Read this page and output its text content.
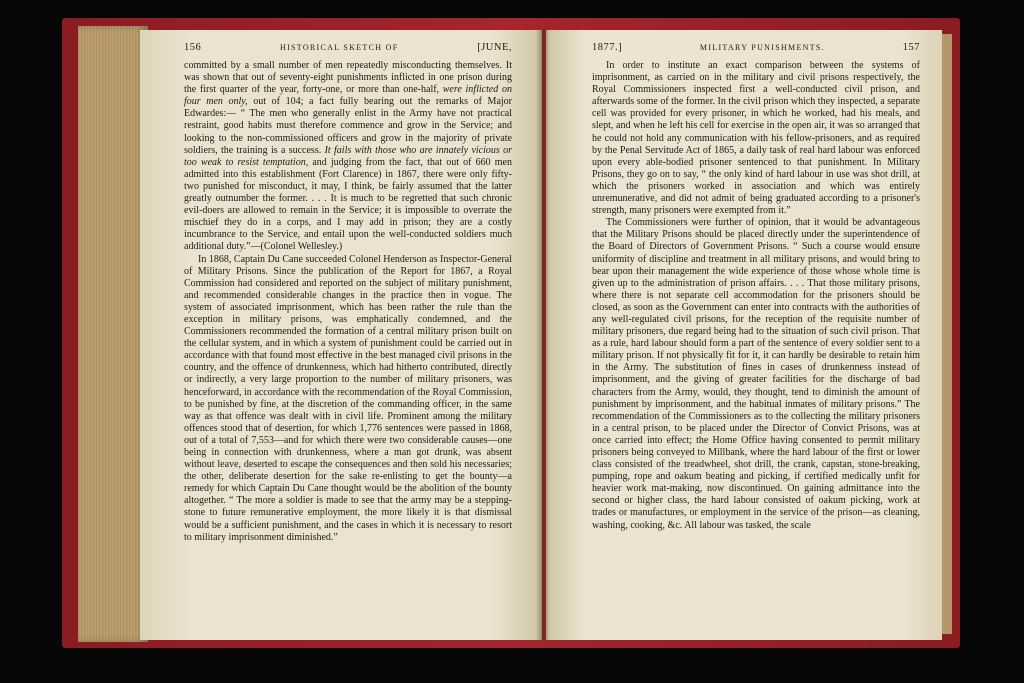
156	HISTORICAL SKETCH OF	[JUNE,

committed by a small number of men repeatedly misconducting themselves. It was shown that out of seventy-eight punishments inflicted in one prison during the first quarter of the year, forty-one, or more than one-half, were inflicted on four men only, out of 104; a fact fully bearing out the remarks of Major Edwardes:— “ The men who generally enlist in the Army have not practical restraint, good habits must therefore commence and grow in the Service; and looking to the non-commissioned officers and grow in the majority of private soldiers, the training is a success. It fails with those who are innately vicious or too weak to resist temptation, and judging from the fact, that out of 660 men admitted into this establishment (Fort Clarence) in 1867, there were only fifty-two punished for misconduct, it may, I think, be fairly assumed that the latter greatly outnumber the former. . . . It is much to be regretted that such chronic evil-doers are allowed to remain in the Service; it is impossible to overrate the mischief they do in a corps, and I may add in prison; they are a costly incumbrance to the Service, and entail upon the well-conducted soldiers much additional duty.”—(Colonel Wellesley.)

In 1868, Captain Du Cane succeeded Colonel Henderson as Inspector-General of Military Prisons. Since the publication of the Report for 1867, a Royal Commission had considered and reported on the subject of military punishment, and recommended considerable changes in the practice then in vogue. The system of associated imprisonment, which has been rather the rule than the exception in military prisons, was emphatically condemned, and the Commissioners recommended the formation of a central military prison built on the cellular system, and in which a system of punishment could be carried out in accordance with that found most effective in the best managed civil prisons in the country, and the offence of drunkenness, which had hitherto contributed, directly or indirectly, a very large proportion to the number of military prisoners, was henceforward, in accordance with the recommendation of the Royal Commission, to be punished by fine, at the discretion of the commanding officer, in the same way as that offence was dealt with in civil life. Prominent among the military offences stood that of desertion, for which 1,776 sentences were passed in 1868, out of a total of 7,553—and for which there were two considerable causes—one being in connection with drunkenness, where a man got drunk, was absent without leave, deserted to escape the consequences and then sold his necessaries; the other, deliberate desertion for the sake re-enlisting to get the bounty—a remedy for which Captain Du Cane thought would be the abolition of the bounty altogether. “ The more a soldier is made to see that the army may be a stepping-stone to future remunerative employment, the more likely it is that dismissal would be a sufficient punishment, and the cases in which it is necessary to resort to military imprisonment diminished.”

1877.]	MILITARY PUNISHMENTS.	157

In order to institute an exact comparison between the systems of imprisonment, as carried on in the military and civil prisons respectively, the Royal Commissioners inspected first a well-conducted civil prison, and afterwards some of the former. In the civil prison which they inspected, a separate cell was provided for every prisoner, in which he worked, had his meals, and slept, and when he left his cell for exercise in the open air, it was so arranged that he could not hold any communication with his fellow-prisoners, and as required by the Penal Servitude Act of 1865, a daily task of real hard labour was enforced upon every able-bodied prisoner sentenced to that punishment. In Military Prisons, they go on to say, “ the only kind of hard labour in use was shot drill, at which the prisoners worked in association and which was entirely unremunerative, and did not admit of being graduated according to a prisoner's strength, many prisoners were exempted from it.”

The Commissioners were further of opinion, that it would be advantageous that the Military Prisons should be placed directly under the superintendence of the Board of Directors of Government Prisons. “ Such a course would ensure uniformity of discipline and treatment in all military prisons, and would bring to bear upon their management the wide experience of those whose whole time is given up to the administration of prison affairs. . . . That those military prisons, where there is not separate cell accommodation for the prisoners should be closed, as soon as the Government can enter into contracts with the authorities of any well-regulated civil prisons, for the reception of the requisite number of military prisoners, due regard being had to the situation of such civil prison. That as a rule, hard labour should form a part of the sentence of every soldier sent to a military prison. If not physically fit for it, it can hardly be desirable to retain him in the Army. The substitution of fines in cases of drunkenness instead of imprisonment, and the giving of greater facilities for the discharge of bad characters from the Army, would, they thought, tend to diminish the amount of punishment by imprisonment, and the habitual inmates of military prisons.” The recommendation of the Commissioners as to the collecting the military prisoners in a central prison, to be placed under the Director of Convict Prisons, was at once carried into effect; the Home Office having consented to permit military prisoners being conveyed to Millbank, where the hard labour of the first or lower class consisted of the treadwheel, shot drill, the crank, capstan, stone-breaking, pumping, rope and oakum beating and picking, if certified medically unfit for heavier work mat-making, now discontinued. On gaining admittance into the second or higher class, the hard labour consisted of oakum picking, work at trades or manufactures, or employment in the service of the prison—as cleaning, washing, cooking, &c. All labour was tasked, the scale
